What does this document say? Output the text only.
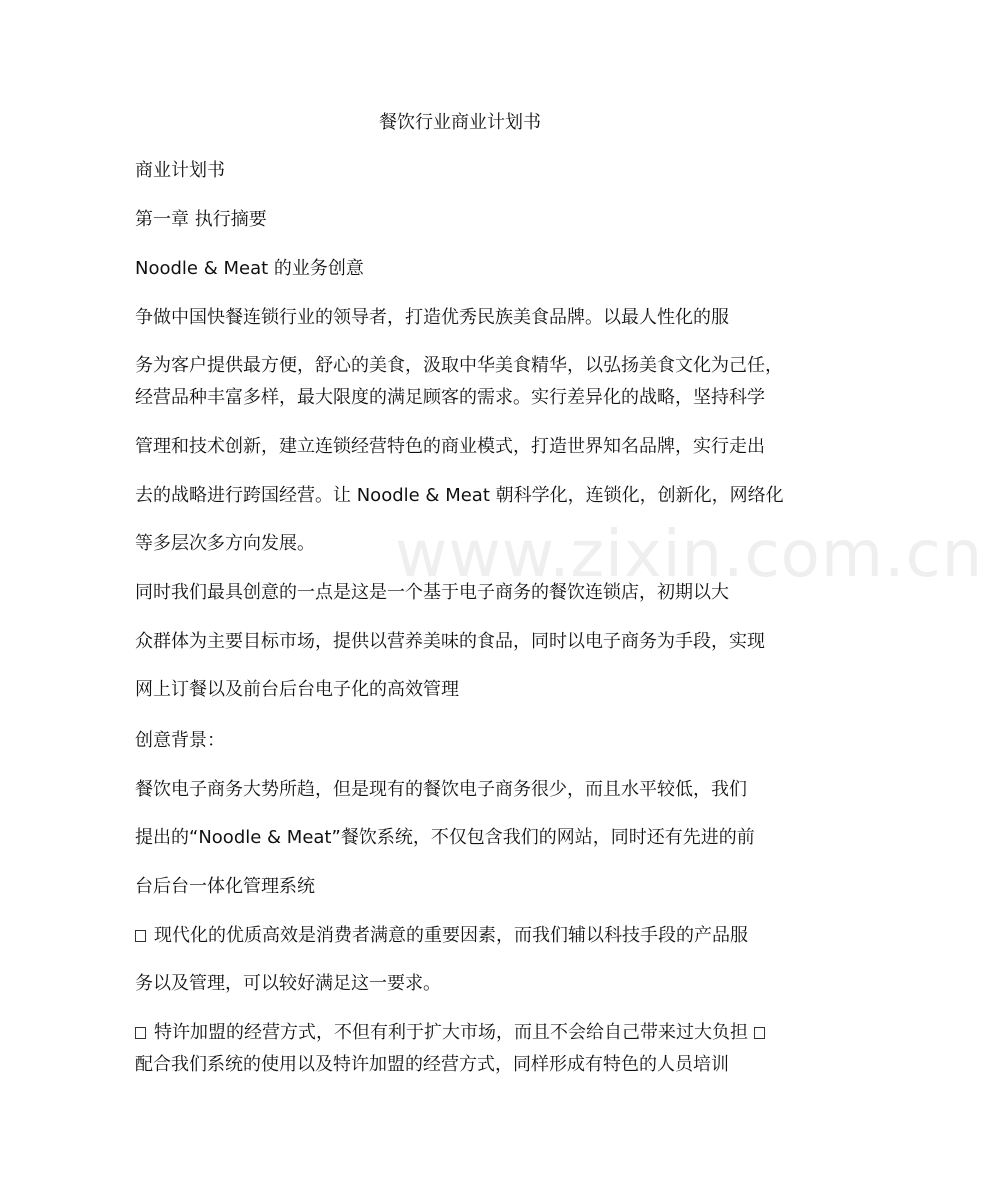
www.zixin.com.cn
餐饮行业商业计划书
商业计划书
第一章 执行摘要
Noodle & Meat 的业务创意
争做中国快餐连锁行业的领导者，打造优秀民族美食品牌。以最人性化的服
务为客户提供最方便，舒心的美食，汲取中华美食精华，以弘扬美食文化为己任，
经营品种丰富多样，最大限度的满足顾客的需求。实行差异化的战略，坚持科学
管理和技术创新，建立连锁经营特色的商业模式，打造世界知名品牌，实行走出
去的战略进行跨国经营。让 Noodle & Meat 朝科学化，连锁化，创新化，网络化
等多层次多方向发展。
同时我们最具创意的一点是这是一个基于电子商务的餐饮连锁店，初期以大
众群体为主要目标市场，提供以营养美味的食品，同时以电子商务为手段，实现
网上订餐以及前台后台电子化的高效管理
创意背景：
餐饮电子商务大势所趋，但是现有的餐饮电子商务很少，而且水平较低，我们
提出的“Noodle & Meat”餐饮系统，不仅包含我们的网站，同时还有先进的前
台后台一体化管理系统
现代化的优质高效是消费者满意的重要因素，而我们辅以科技手段的产品服
务以及管理，可以较好满足这一要求。
特许加盟的经营方式，不但有利于扩大市场，而且不会给自己带来过大负担
配合我们系统的使用以及特许加盟的经营方式，同样形成有特色的人员培训
